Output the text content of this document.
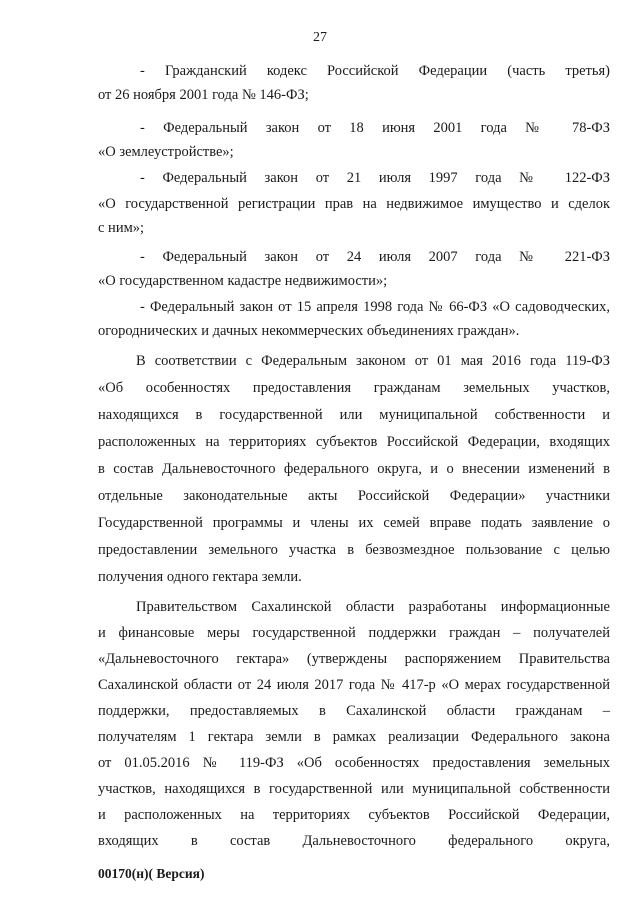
27
- Гражданский кодекс Российской Федерации (часть третья)
от 26 ноября 2001 года № 146-ФЗ;
- Федеральный закон от 18 июня 2001 года № 78-ФЗ
«О землеустройстве»;
- Федеральный закон от 21 июля 1997 года № 122-ФЗ
«О государственной регистрации прав на недвижимое имущество и сделок
с ним»;
- Федеральный закон от 24 июля 2007 года № 221-ФЗ
«О государственном кадастре недвижимости»;
- Федеральный закон от 15 апреля 1998 года № 66-ФЗ «О садоводческих,
огороднических и дачных некоммерческих объединениях граждан».
В соответствии с Федеральным законом от 01 мая 2016 года 119-ФЗ
«Об особенностях предоставления гражданам земельных участков,
находящихся в государственной или муниципальной собственности и
расположенных на территориях субъектов Российской Федерации, входящих
в состав Дальневосточного федерального округа, и о внесении изменений в
отдельные законодательные акты Российской Федерации» участники
Государственной программы и члены их семей вправе подать заявление о
предоставлении земельного участка в безвозмездное пользование с целью
получения одного гектара земли.
Правительством Сахалинской области разработаны информационные
и финансовые меры государственной поддержки граждан – получателей
«Дальневосточного гектара» (утверждены распоряжением Правительства
Сахалинской области от 24 июля 2017 года № 417-р «О мерах государственной
поддержки, предоставляемых в Сахалинской области гражданам –
получателям 1 гектара земли в рамках реализации Федерального закона
от 01.05.2016 № 119-ФЗ «Об особенностях предоставления земельных
участков, находящихся в государственной или муниципальной собственности
и расположенных на территориях субъектов Российской Федерации,
входящих в состав Дальневосточного федерального округа,
00170(н)( Версия)
